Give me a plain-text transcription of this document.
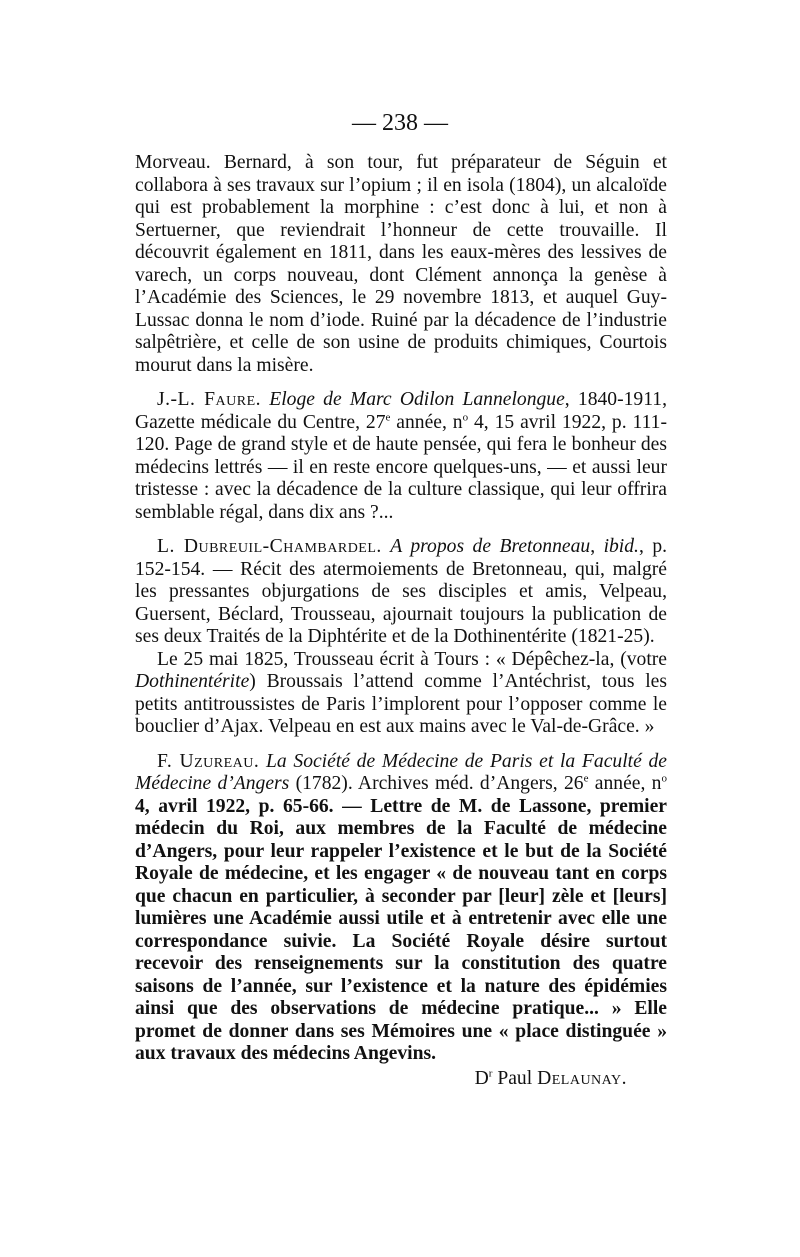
— 238 —

Morveau. Bernard, à son tour, fut préparateur de Séguin et collabora à ses travaux sur l’opium ; il en isola (1804), un alcaloïde qui est probablement la morphine : c’est donc à lui, et non à Sertuerner, que reviendrait l’honneur de cette trouvaille. Il découvrit également en 1811, dans les eaux-mères des lessives de varech, un corps nouveau, dont Clément annonça la genèse à l’Académie des Sciences, le 29 novembre 1813, et auquel Guy-Lussac donna le nom d’iode. Ruiné par la décadence de l’industrie salpêtrière, et celle de son usine de produits chimiques, Courtois mourut dans la misère.

J.-L. Faure. Eloge de Marc Odilon Lannelongue, 1840-1911, Gazette médicale du Centre, 27e année, $n^o$ 4, 15 avril 1922, p. 111-120. Page de grand style et de haute pensée, qui fera le bonheur des médecins lettrés — il en reste encore quelques-uns, — et aussi leur tristesse : avec la décadence de la culture classique, qui leur offrira semblable régal, dans dix ans ?...

L. Dubreuil-Chambardel. A propos de Bretonneau, ibid., p. 152-154. — Récit des atermoiements de Bretonneau, qui, malgré les pressantes objurgations de ses disciples et amis, Velpeau, Guersent, Béclard, Trousseau, ajournait toujours la publication de ses deux Traités de la Diphtérite et de la Dothinentérite (1821-25).

Le 25 mai 1825, Trousseau écrit à Tours : « Dépêchez-la, (votre Dothinentérite) Broussais l’attend comme l’Antéchrist, tous les petits antitroussistes de Paris l’implorent pour l’opposer comme le bouclier d’Ajax. Velpeau en est aux mains avec le Val-de-Grâce. »

F. Uzureau. La Société de Médecine de Paris et la Faculté de Médecine d’Angers (1782). Archives méd. d’Angers, 26e année, $n^o$ 4, avril 1922, p. 65-66. — Lettre de M. de Lassone, premier médecin du Roi, aux membres de la Faculté de médecine d’Angers, pour leur rappeler l’existence et le but de la Société Royale de médecine, et les engager « de nouveau tant en corps que chacun en particulier, à seconder par [leur] zèle et [leurs] lumières une Académie aussi utile et à entretenir avec elle une correspondance suivie. La Société Royale désire surtout recevoir des renseignements sur la constitution des quatre saisons de l’année, sur l’existence et la nature des épidémies ainsi que des observations de médecine pratique... » Elle promet de donner dans ses Mémoires une « place distinguée » aux travaux des médecins Angevins.

$D^r$ Paul Delaunay.
